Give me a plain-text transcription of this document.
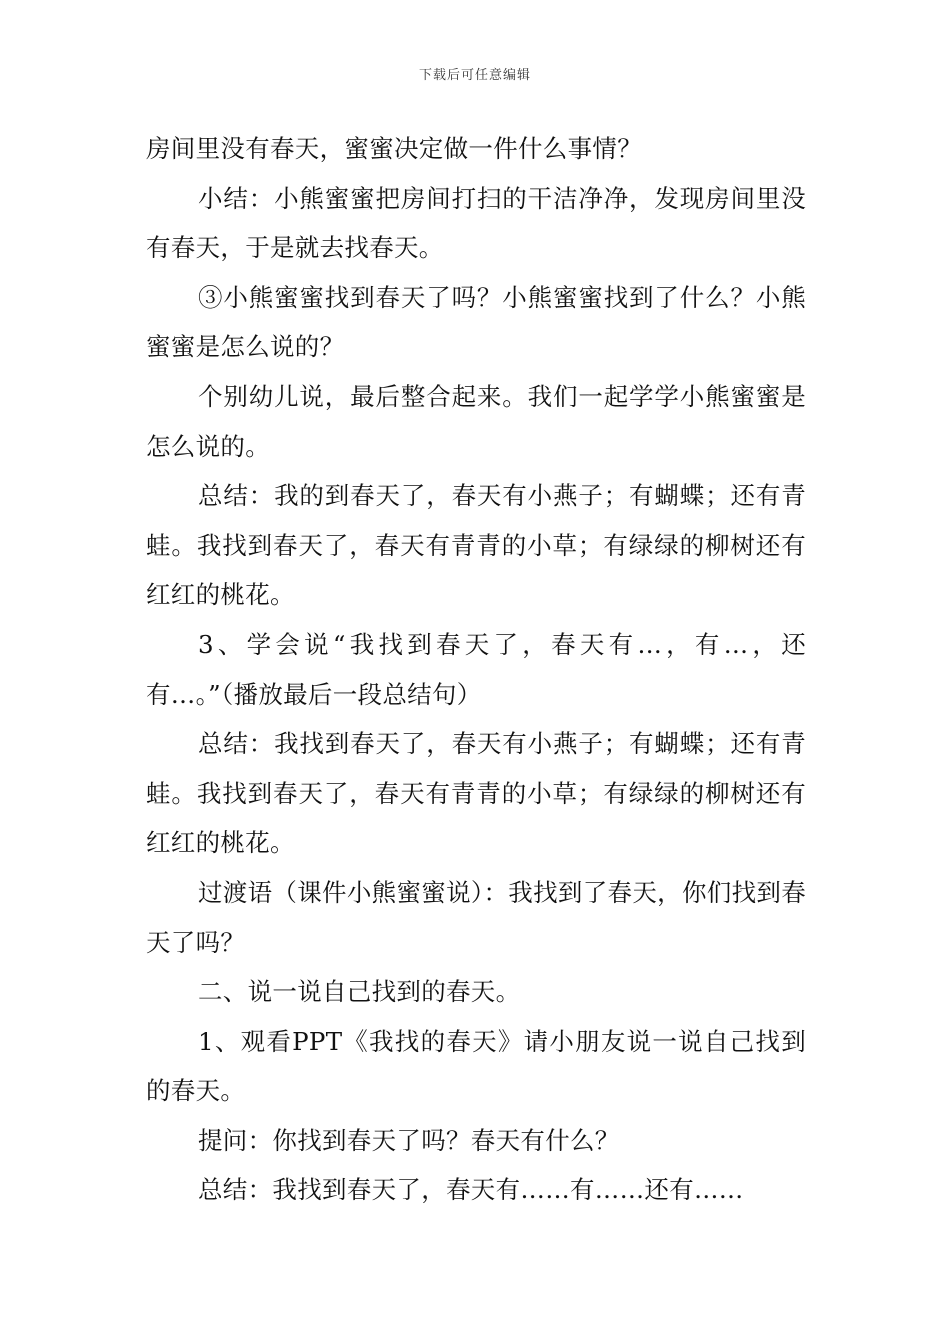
下载后可任意编辑

房间里没有春天，蜜蜜决定做一件什么事情？

小结：小熊蜜蜜把房间打扫的干洁净净，发现房间里没有春天，于是就去找春天。

③小熊蜜蜜找到春天了吗？小熊蜜蜜找到了什么？小熊蜜蜜是怎么说的？

个别幼儿说，最后整合起来。我们一起学学小熊蜜蜜是怎么说的。

总结：我的到春天了，春天有小燕子；有蝴蝶；还有青蛙。我找到春天了，春天有青青的小草；有绿绿的柳树还有红红的桃花。

3、学会说“我找到春天了，春天有…，有…，还有…。”（播放最后一段总结句）

总结：我找到春天了，春天有小燕子；有蝴蝶；还有青蛙。我找到春天了，春天有青青的小草；有绿绿的柳树还有红红的桃花。

过渡语（课件小熊蜜蜜说）：我找到了春天，你们找到春天了吗？

二、说一说自己找到的春天。

1、观看PPT《我找的春天》请小朋友说一说自己找到的春天。

提问：你找到春天了吗？春天有什么？

总结：我找到春天了，春天有……有……还有……
